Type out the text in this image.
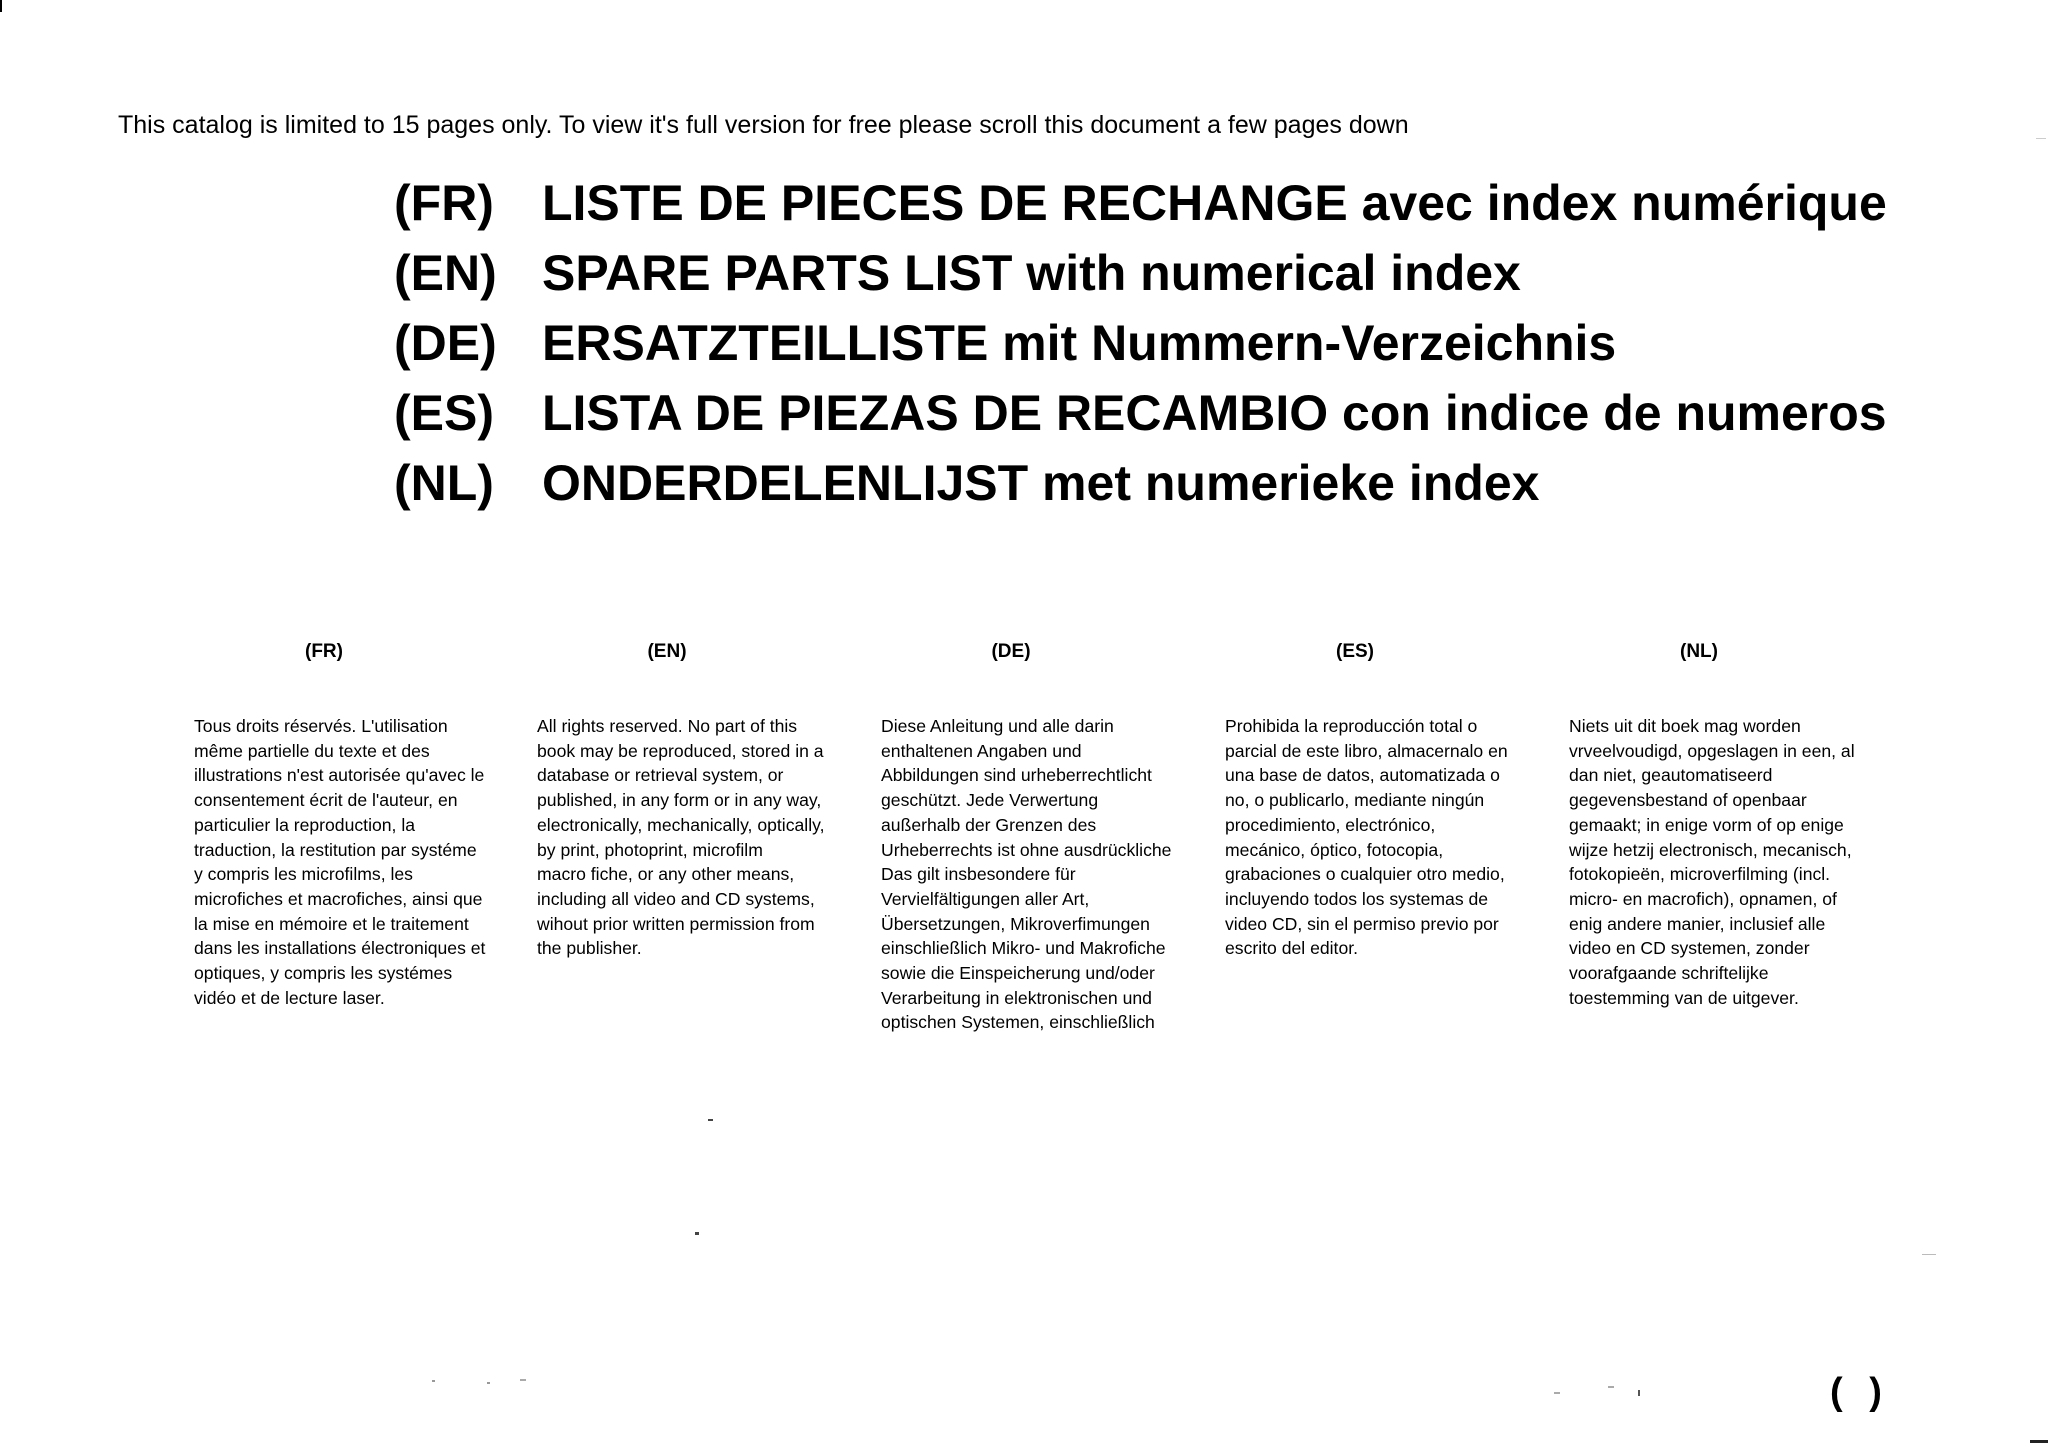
This catalog is limited to 15 pages only. To view it's full version for free please scroll this document a few pages down
(FR) LISTE DE PIECES DE RECHANGE avec index numérique
(EN) SPARE PARTS LIST with numerical index
(DE) ERSATZTEILLISTE mit Nummern-Verzeichnis
(ES) LISTA DE PIEZAS DE RECAMBIO con indice de numeros
(NL) ONDERDELENLIJST met numerieke index
(FR)
Tous droits réservés. L'utilisation
même partielle du texte et des
illustrations n'est autorisée qu'avec le
consentement écrit de l'auteur, en
particulier la reproduction, la
traduction, la restitution par systéme
y compris les microfilms, les
microfiches et macrofiches, ainsi que
la mise en mémoire et le traitement
dans les installations électroniques et
optiques, y compris les systémes
vidéo et de lecture laser.
(EN)
All rights reserved. No part of this
book may be reproduced, stored in a
database or retrieval system, or
published, in any form or in any way,
electronically, mechanically, optically,
by print, photoprint, microfilm
macro fiche, or any other means,
including all video and CD systems,
wihout prior written permission from
the publisher.
(DE)
Diese Anleitung und alle darin
enthaltenen Angaben und
Abbildungen sind urheberrechtlicht
geschützt. Jede Verwertung
außerhalb der Grenzen des
Urheberrechts ist ohne ausdrückliche
Das gilt insbesondere für
Vervielfältigungen aller Art,
Übersetzungen, Mikroverfimungen
einschließlich Mikro- und Makrofiche
sowie die Einspeicherung und/oder
Verarbeitung in elektronischen und
optischen Systemen, einschließlich
(ES)
Prohibida la reproducción total o
parcial de este libro, almacernalo en
una base de datos, automatizada o
no, o publicarlo, mediante ningún
procedimiento, electrónico,
mecánico, óptico, fotocopia,
grabaciones o cualquier otro medio,
incluyendo todos los systemas de
video CD, sin el permiso previo por
escrito del editor.
(NL)
Niets uit dit boek mag worden
vrveelvoudigd, opgeslagen in een, al
dan niet, geautomatiseerd
gegevensbestand of openbaar
gemaakt; in enige vorm of op enige
wijze hetzij electronisch, mecanisch,
fotokopieën, microverfilming (incl.
micro- en macrofich), opnamen, of
enig andere manier, inclusief alle
video en CD systemen, zonder
voorafgaande schriftelijke
toestemming van de uitgever.
( )
